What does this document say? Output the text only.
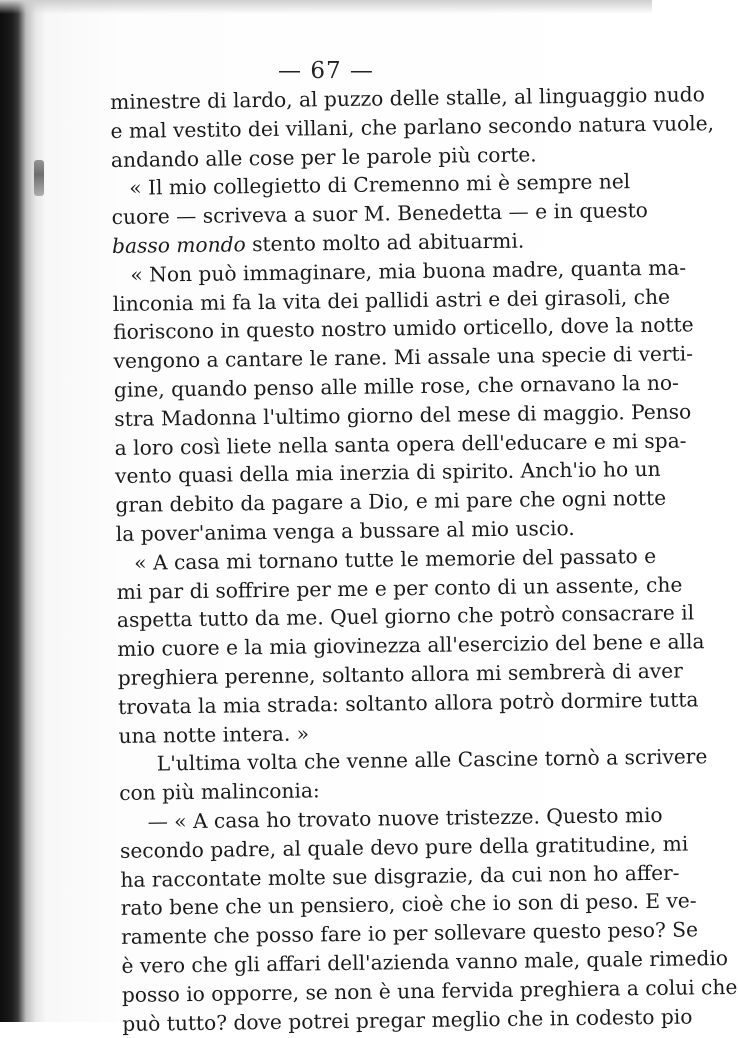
— 67 —
minestre di lardo, al puzzo delle stalle, al linguaggio nudo
e mal vestito dei villani, che parlano secondo natura vuole,
andando alle cose per le parole più corte.
« Il mio collegietto di Cremenno mi è sempre nel
cuore — scriveva a suor M. Benedetta — e in questo
basso mondo stento molto ad abituarmi.
« Non può immaginare, mia buona madre, quanta ma-
linconia mi fa la vita dei pallidi astri e dei girasoli, che
fioriscono in questo nostro umido orticello, dove la notte
vengono a cantare le rane. Mi assale una specie di verti-
gine, quando penso alle mille rose, che ornavano la no-
stra Madonna l'ultimo giorno del mese di maggio. Penso
a loro così liete nella santa opera dell'educare e mi spa-
vento quasi della mia inerzia di spirito. Anch'io ho un
gran debito da pagare a Dio, e mi pare che ogni notte
la pover'anima venga a bussare al mio uscio.
« A casa mi tornano tutte le memorie del passato e
mi par di soffrire per me e per conto di un assente, che
aspetta tutto da me. Quel giorno che potrò consacrare il
mio cuore e la mia giovinezza all'esercizio del bene e alla
preghiera perenne, soltanto allora mi sembrerà di aver
trovata la mia strada: soltanto allora potrò dormire tutta
una notte intera. »
L'ultima volta che venne alle Cascine tornò a scrivere
con più malinconia:
— « A casa ho trovato nuove tristezze. Questo mio
secondo padre, al quale devo pure della gratitudine, mi
ha raccontate molte sue disgrazie, da cui non ho affer-
rato bene che un pensiero, cioè che io son di peso. E ve-
ramente che posso fare io per sollevare questo peso? Se
è vero che gli affari dell'azienda vanno male, quale rimedio
posso io opporre, se non è una fervida preghiera a colui che
può tutto? dove potrei pregar meglio che in codesto pio
